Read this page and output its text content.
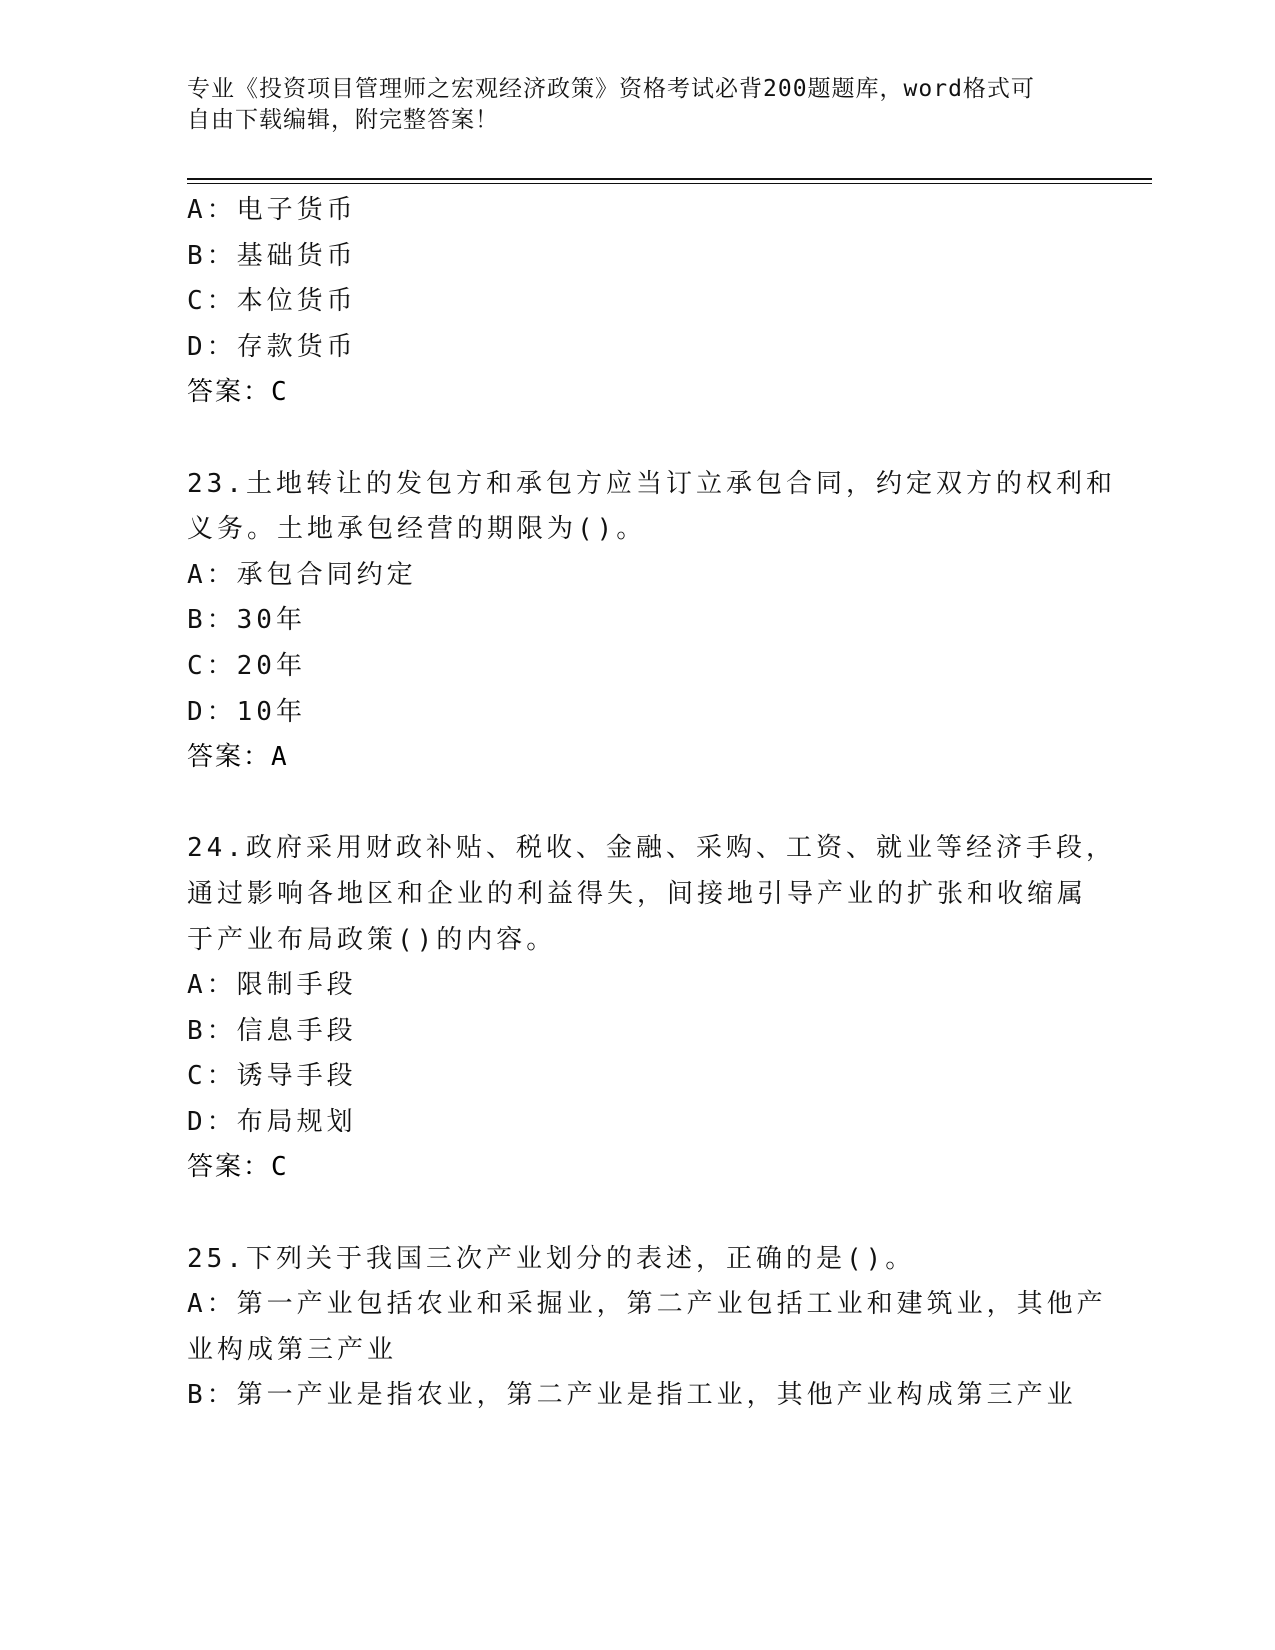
专业《投资项目管理师之宏观经济政策》资格考试必背200题题库，word格式可
自由下载编辑，附完整答案！
A：电子货币
B：基础货币
C：本位货币
D：存款货币
答案：C
23.土地转让的发包方和承包方应当订立承包合同，约定双方的权利和
义务。土地承包经营的期限为()。
A：承包合同约定
B：30年
C：20年
D：10年
答案：A
24.政府采用财政补贴、税收、金融、采购、工资、就业等经济手段，
通过影响各地区和企业的利益得失，间接地引导产业的扩张和收缩属
于产业布局政策()的内容。
A：限制手段
B：信息手段
C：诱导手段
D：布局规划
答案：C
25.下列关于我国三次产业划分的表述，正确的是()。
A：第一产业包括农业和采掘业，第二产业包括工业和建筑业，其他产
业构成第三产业
B：第一产业是指农业，第二产业是指工业，其他产业构成第三产业
